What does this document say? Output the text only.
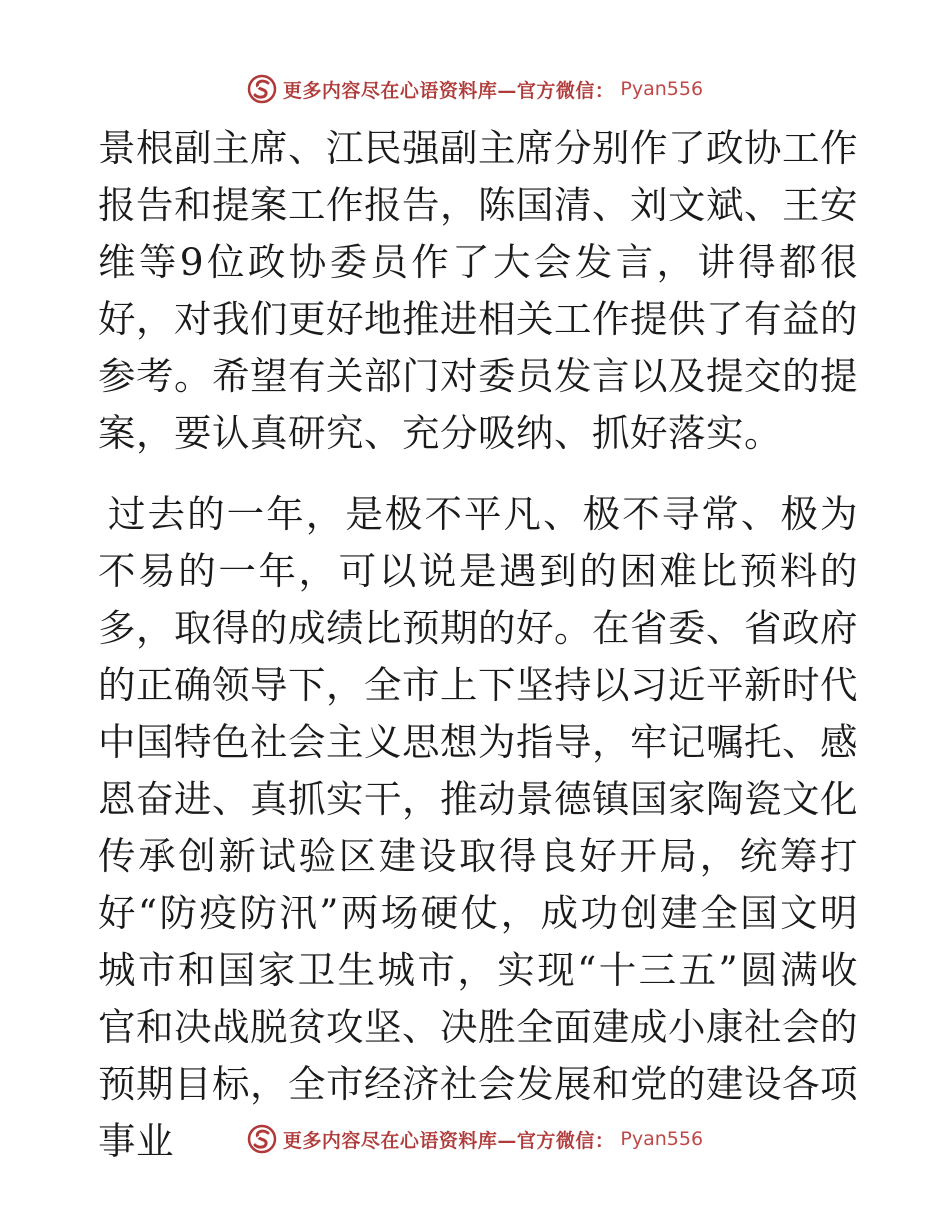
更多内容尽在心语资料库—官方微信： Pyan556

景根副主席、江民强副主席分别作了政协工作报告和提案工作报告，陈国清、刘文斌、王安维等9位政协委员作了大会发言，讲得都很好，对我们更好地推进相关工作提供了有益的参考。希望有关部门对委员发言以及提交的提案，要认真研究、充分吸纳、抓好落实。

过去的一年，是极不平凡、极不寻常、极为不易的一年，可以说是遇到的困难比预料的多，取得的成绩比预期的好。在省委、省政府的正确领导下，全市上下坚持以习近平新时代中国特色社会主义思想为指导，牢记嘱托、感恩奋进、真抓实干，推动景德镇国家陶瓷文化传承创新试验区建设取得良好开局，统筹打好“防疫防汛”两场硬仗，成功创建全国文明城市和国家卫生城市，实现“十三五”圆满收官和决战脱贫攻坚、决胜全面建成小康社会的预期目标，全市经济社会发展和党的建设各项事业	更多内容尽在心语资料库—官方微信： Pyan556
